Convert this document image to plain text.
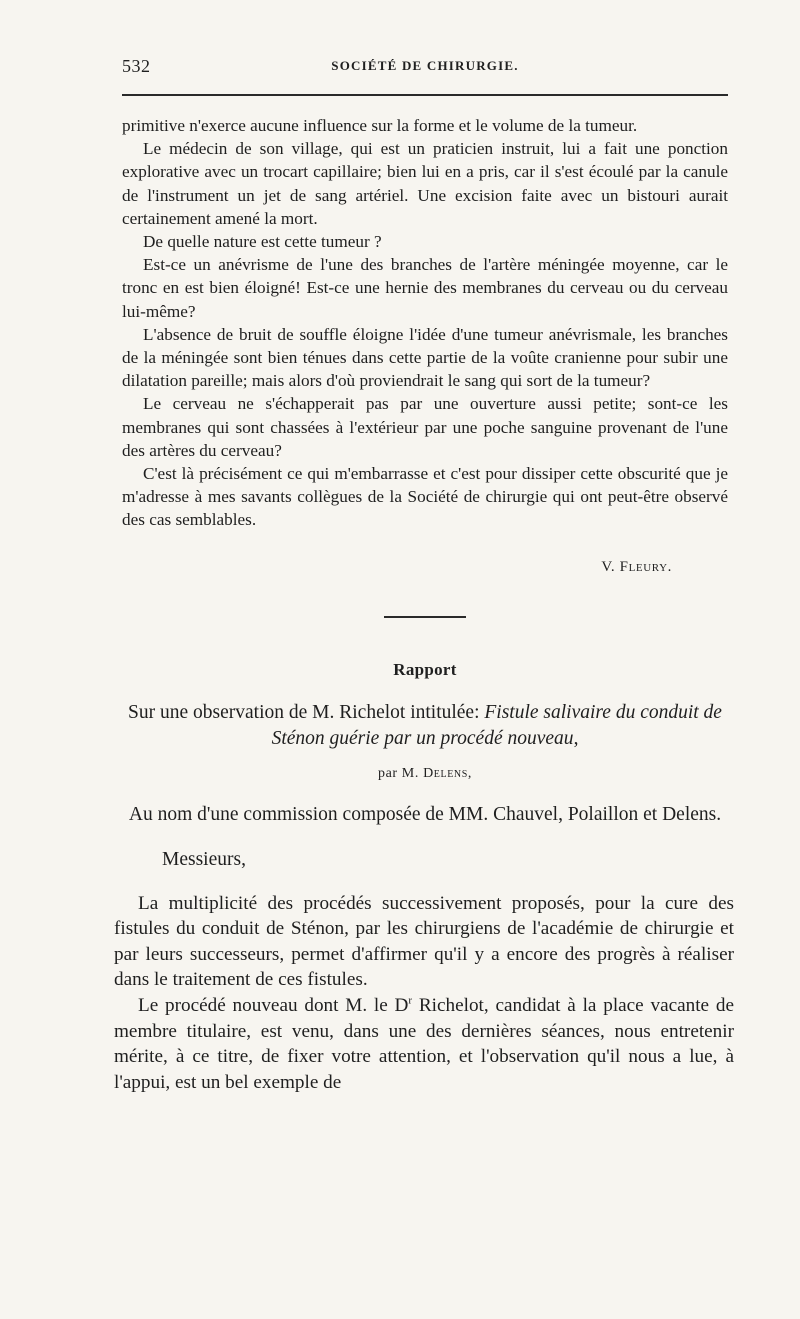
532	SOCIÉTÉ DE CHIRURGIE.

primitive n'exerce aucune influence sur la forme et le volume de la tumeur.

Le médecin de son village, qui est un praticien instruit, lui a fait une ponction explorative avec un trocart capillaire; bien lui en a pris, car il s'est écoulé par la canule de l'instrument un jet de sang artériel. Une excision faite avec un bistouri aurait certainement amené la mort.

De quelle nature est cette tumeur ?

Est-ce un anévrisme de l'une des branches de l'artère méningée moyenne, car le tronc en est bien éloigné! Est-ce une hernie des membranes du cerveau ou du cerveau lui-même?

L'absence de bruit de souffle éloigne l'idée d'une tumeur anévrismale, les branches de la méningée sont bien ténues dans cette partie de la voûte cranienne pour subir une dilatation pareille; mais alors d'où proviendrait le sang qui sort de la tumeur?

Le cerveau ne s'échapperait pas par une ouverture aussi petite; sont-ce les membranes qui sont chassées à l'extérieur par une poche sanguine provenant de l'une des artères du cerveau?

C'est là précisément ce qui m'embarrasse et c'est pour dissiper cette obscurité que je m'adresse à mes savants collègues de la Société de chirurgie qui ont peut-être observé des cas semblables.

V. Fleury.
Rapport
Sur une observation de M. Richelot intitulée: Fistule salivaire du conduit de Sténon guérie par un procédé nouveau,
par M. Delens,
Au nom d'une commission composée de MM. Chauvel, Polaillon et Delens.
Messieurs,

La multiplicité des procédés successivement proposés, pour la cure des fistules du conduit de Sténon, par les chirurgiens de l'académie de chirurgie et par leurs successeurs, permet d'affirmer qu'il y a encore des progrès à réaliser dans le traitement de ces fistules.

Le procédé nouveau dont M. le $D^r$ Richelot, candidat à la place vacante de membre titulaire, est venu, dans une des dernières séances, nous entretenir mérite, à ce titre, de fixer votre attention, et l'observation qu'il nous a lue, à l'appui, est un bel exemple de
